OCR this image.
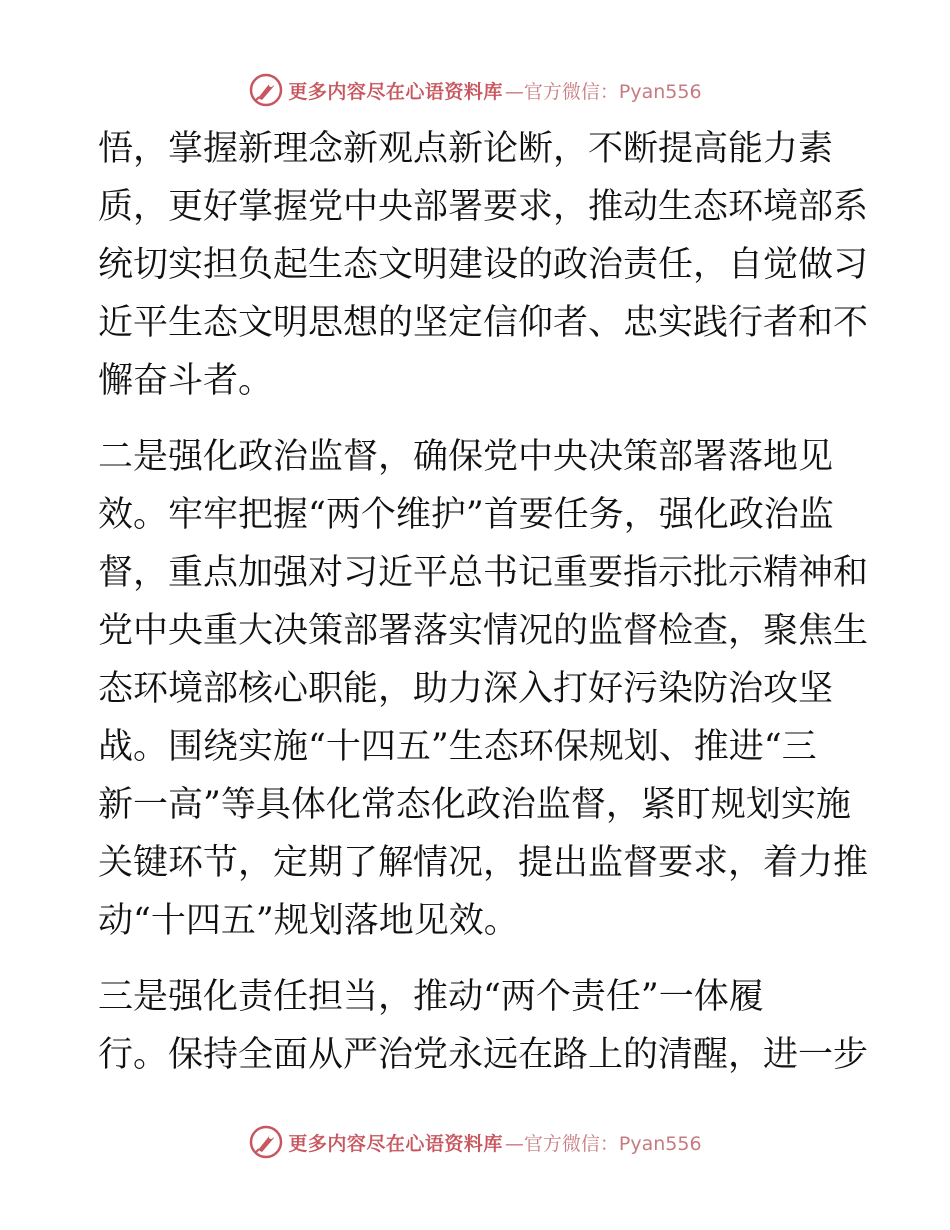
更多内容尽在心语资料库 —官方微信：Pyan556
悟，掌握新理念新观点新论断，不断提高能力素
质，更好掌握党中央部署要求，推动生态环境部系
统切实担负起生态文明建设的政治责任，自觉做习
近平生态文明思想的坚定信仰者、忠实践行者和不
懈奋斗者。
二是强化政治监督，确保党中央决策部署落地见
效。牢牢把握“两个维护”首要任务，强化政治监
督，重点加强对习近平总书记重要指示批示精神和
党中央重大决策部署落实情况的监督检查，聚焦生
态环境部核心职能，助力深入打好污染防治攻坚
战。围绕实施“十四五”生态环保规划、推进“三
新一高”等具体化常态化政治监督，紧盯规划实施
关键环节，定期了解情况，提出监督要求，着力推
动“十四五”规划落地见效。
三是强化责任担当，推动“两个责任”一体履
行。保持全面从严治党永远在路上的清醒，进一步
更多内容尽在心语资料库 —官方微信：Pyan556
